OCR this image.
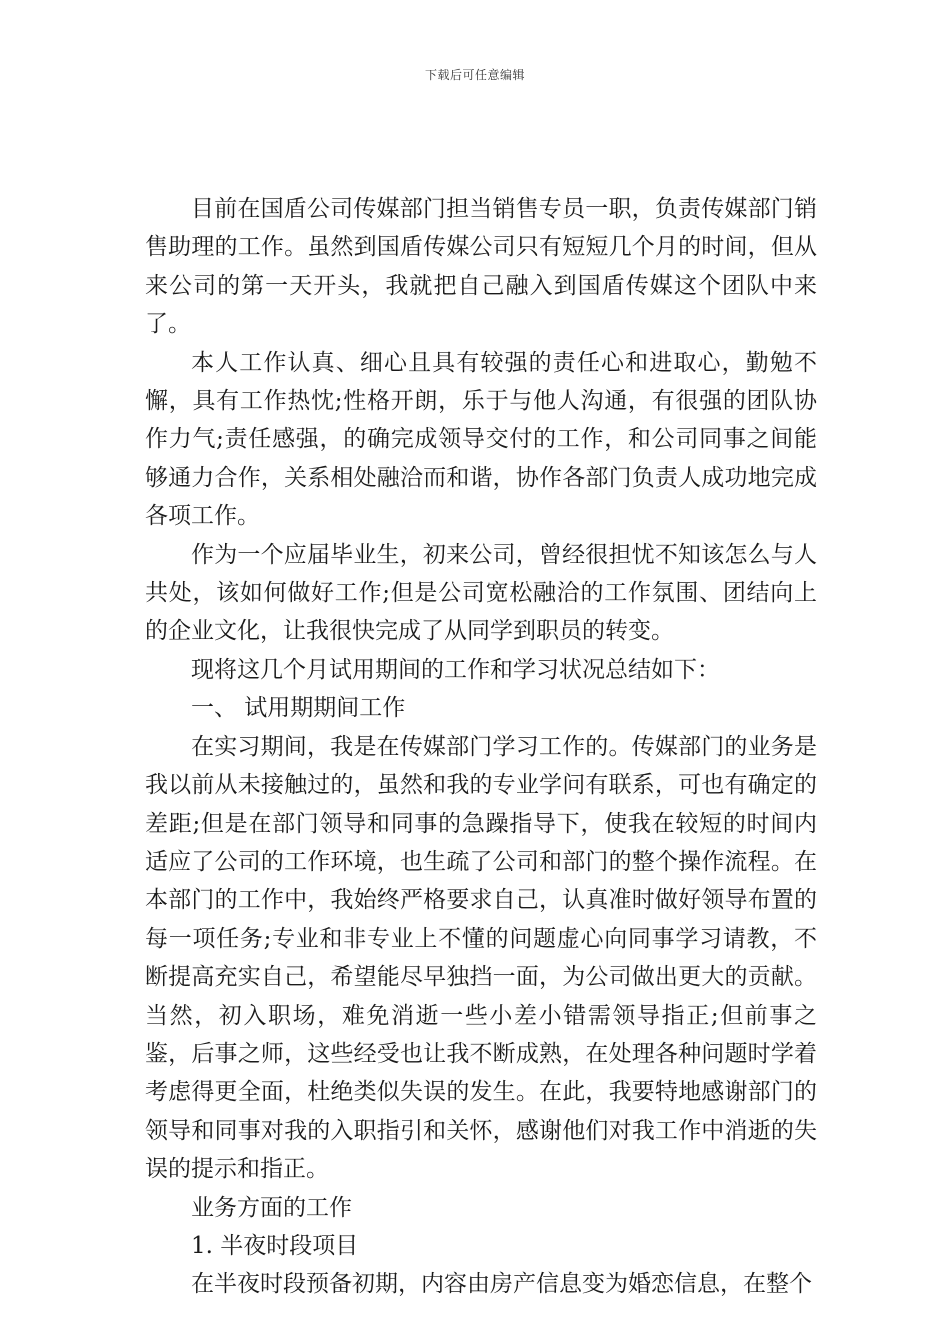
下载后可任意编辑

目前在国盾公司传媒部门担当销售专员一职，负责传媒部门销售助理的工作。虽然到国盾传媒公司只有短短几个月的时间，但从来公司的第一天开头，我就把自己融入到国盾传媒这个团队中来了。

本人工作认真、细心且具有较强的责任心和进取心，勤勉不懈，具有工作热忱;性格开朗，乐于与他人沟通，有很强的团队协作力气;责任感强，的确完成领导交付的工作，和公司同事之间能够通力合作，关系相处融洽而和谐，协作各部门负责人成功地完成各项工作。

作为一个应届毕业生，初来公司，曾经很担忧不知该怎么与人共处，该如何做好工作;但是公司宽松融洽的工作氛围、团结向上的企业文化，让我很快完成了从同学到职员的转变。

现将这几个月试用期间的工作和学习状况总结如下：

一、 试用期期间工作

在实习期间，我是在传媒部门学习工作的。传媒部门的业务是我以前从未接触过的，虽然和我的专业学问有联系，可也有确定的差距;但是在部门领导和同事的急躁指导下，使我在较短的时间内适应了公司的工作环境，也生疏了公司和部门的整个操作流程。在本部门的工作中，我始终严格要求自己，认真准时做好领导布置的每一项任务;专业和非专业上不懂的问题虚心向同事学习请教，不断提高充实自己，希望能尽早独挡一面，为公司做出更大的贡献。当然，初入职场，难免消逝一些小差小错需领导指正;但前事之鉴，后事之师，这些经受也让我不断成熟，在处理各种问题时学着考虑得更全面，杜绝类似失误的发生。在此，我要特地感谢部门的领导和同事对我的入职指引和关怀，感谢他们对我工作中消逝的失误的提示和指正。

业务方面的工作

1. 半夜时段项目

在半夜时段预备初期，内容由房产信息变为婚恋信息，在整个
